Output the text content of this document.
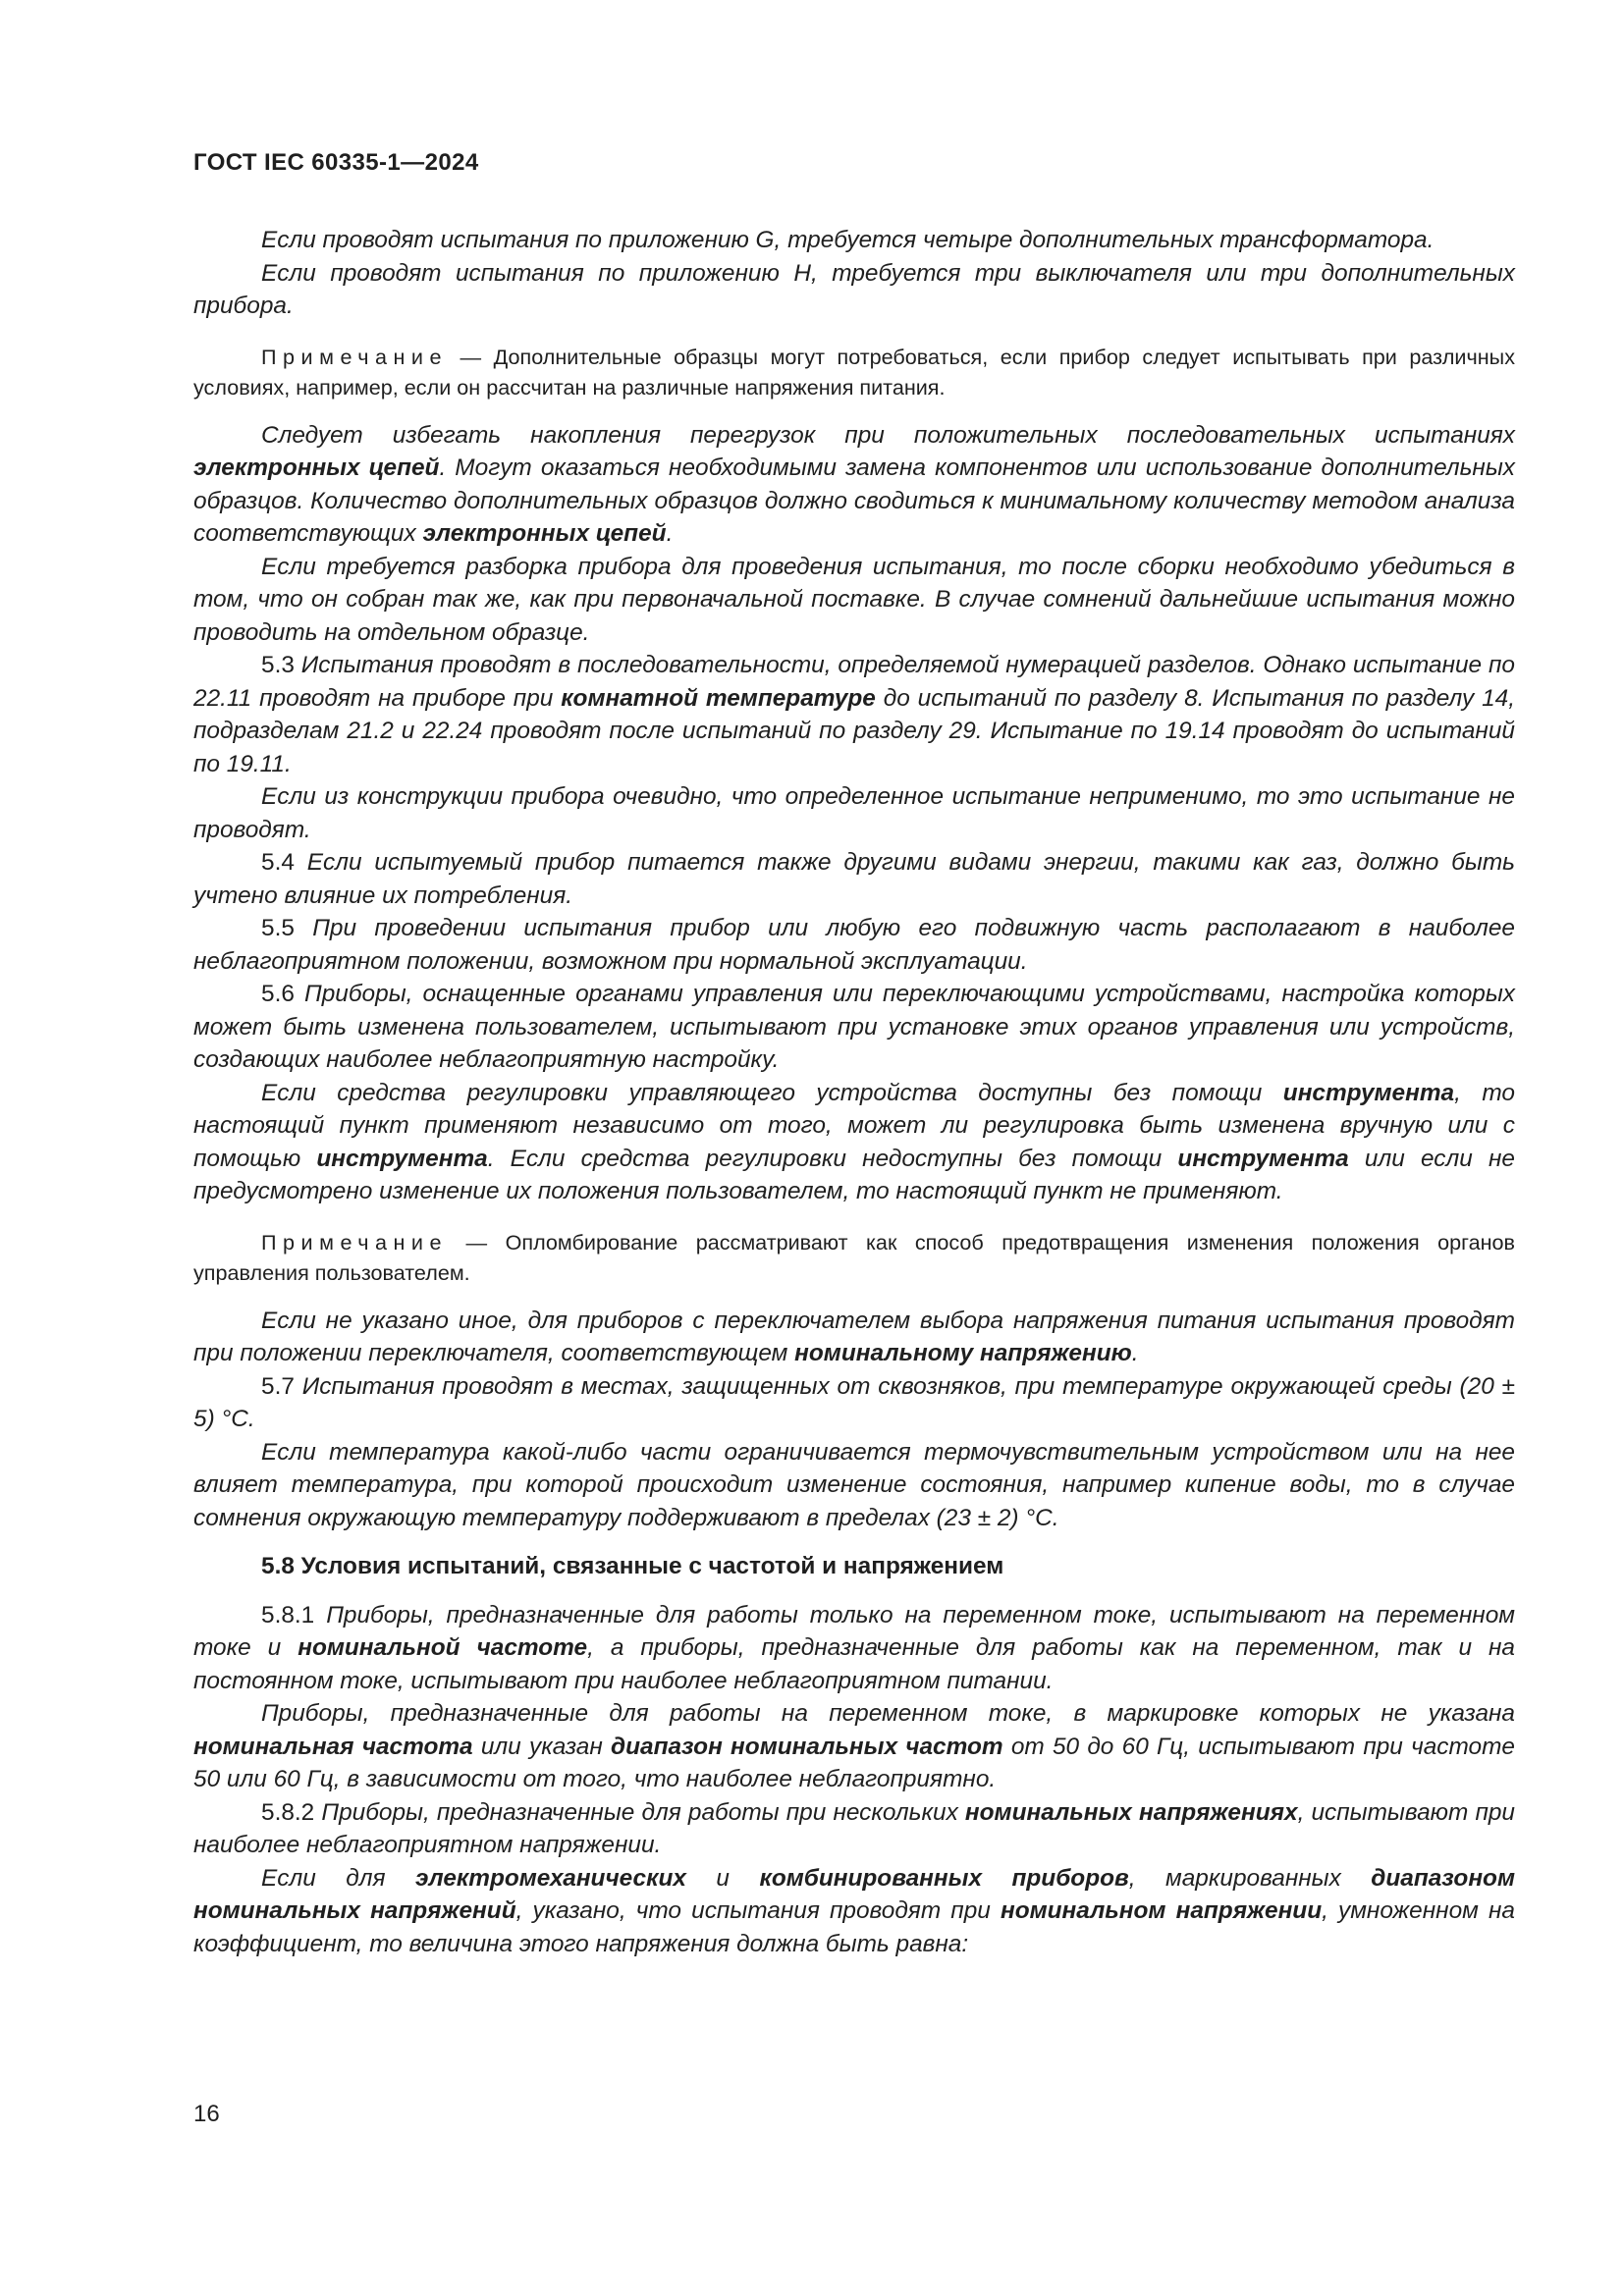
ГОСТ IEC 60335-1—2024

Если проводят испытания по приложению G, требуется четыре дополнительных трансформатора.

Если проводят испытания по приложению Н, требуется три выключателя или три дополнительных прибора.

Примечание — Дополнительные образцы могут потребоваться, если прибор следует испытывать при различных условиях, например, если он рассчитан на различные напряжения питания.

Следует избегать накопления перегрузок при положительных последовательных испытаниях электронных цепей. Могут оказаться необходимыми замена компонентов или использование дополнительных образцов. Количество дополнительных образцов должно сводиться к минимальному количеству методом анализа соответствующих электронных цепей.

Если требуется разборка прибора для проведения испытания, то после сборки необходимо убедиться в том, что он собран так же, как при первоначальной поставке. В случае сомнений дальнейшие испытания можно проводить на отдельном образце.

5.3 Испытания проводят в последовательности, определяемой нумерацией разделов. Однако испытание по 22.11 проводят на приборе при комнатной температуре до испытаний по разделу 8. Испытания по разделу 14, подразделам 21.2 и 22.24 проводят после испытаний по разделу 29. Испытание по 19.14 проводят до испытаний по 19.11.

Если из конструкции прибора очевидно, что определенное испытание неприменимо, то это испытание не проводят.

5.4 Если испытуемый прибор питается также другими видами энергии, такими как газ, должно быть учтено влияние их потребления.

5.5 При проведении испытания прибор или любую его подвижную часть располагают в наиболее неблагоприятном положении, возможном при нормальной эксплуатации.

5.6 Приборы, оснащенные органами управления или переключающими устройствами, настройка которых может быть изменена пользователем, испытывают при установке этих органов управления или устройств, создающих наиболее неблагоприятную настройку.

Если средства регулировки управляющего устройства доступны без помощи инструмента, то настоящий пункт применяют независимо от того, может ли регулировка быть изменена вручную или с помощью инструмента. Если средства регулировки недоступны без помощи инструмента или если не предусмотрено изменение их положения пользователем, то настоящий пункт не применяют.

Примечание — Опломбирование рассматривают как способ предотвращения изменения положения органов управления пользователем.

Если не указано иное, для приборов с переключателем выбора напряжения питания испытания проводят при положении переключателя, соответствующем номинальному напряжению.

5.7 Испытания проводят в местах, защищенных от сквозняков, при температуре окружающей среды (20 ± 5) °С.

Если температура какой-либо части ограничивается термочувствительным устройством или на нее влияет температура, при которой происходит изменение состояния, например кипение воды, то в случае сомнения окружающую температуру поддерживают в пределах (23 ± 2) °С.

5.8 Условия испытаний, связанные с частотой и напряжением

5.8.1 Приборы, предназначенные для работы только на переменном токе, испытывают на переменном токе и номинальной частоте, а приборы, предназначенные для работы как на переменном, так и на постоянном токе, испытывают при наиболее неблагоприятном питании.

Приборы, предназначенные для работы на переменном токе, в маркировке которых не указана номинальная частота или указан диапазон номинальных частот от 50 до 60 Гц, испытывают при частоте 50 или 60 Гц, в зависимости от того, что наиболее неблагоприятно.

5.8.2 Приборы, предназначенные для работы при нескольких номинальных напряжениях, испытывают при наиболее неблагоприятном напряжении.

Если для электромеханических и комбинированных приборов, маркированных диапазоном номинальных напряжений, указано, что испытания проводят при номинальном напряжении, умноженном на коэффициент, то величина этого напряжения должна быть равна:

16
